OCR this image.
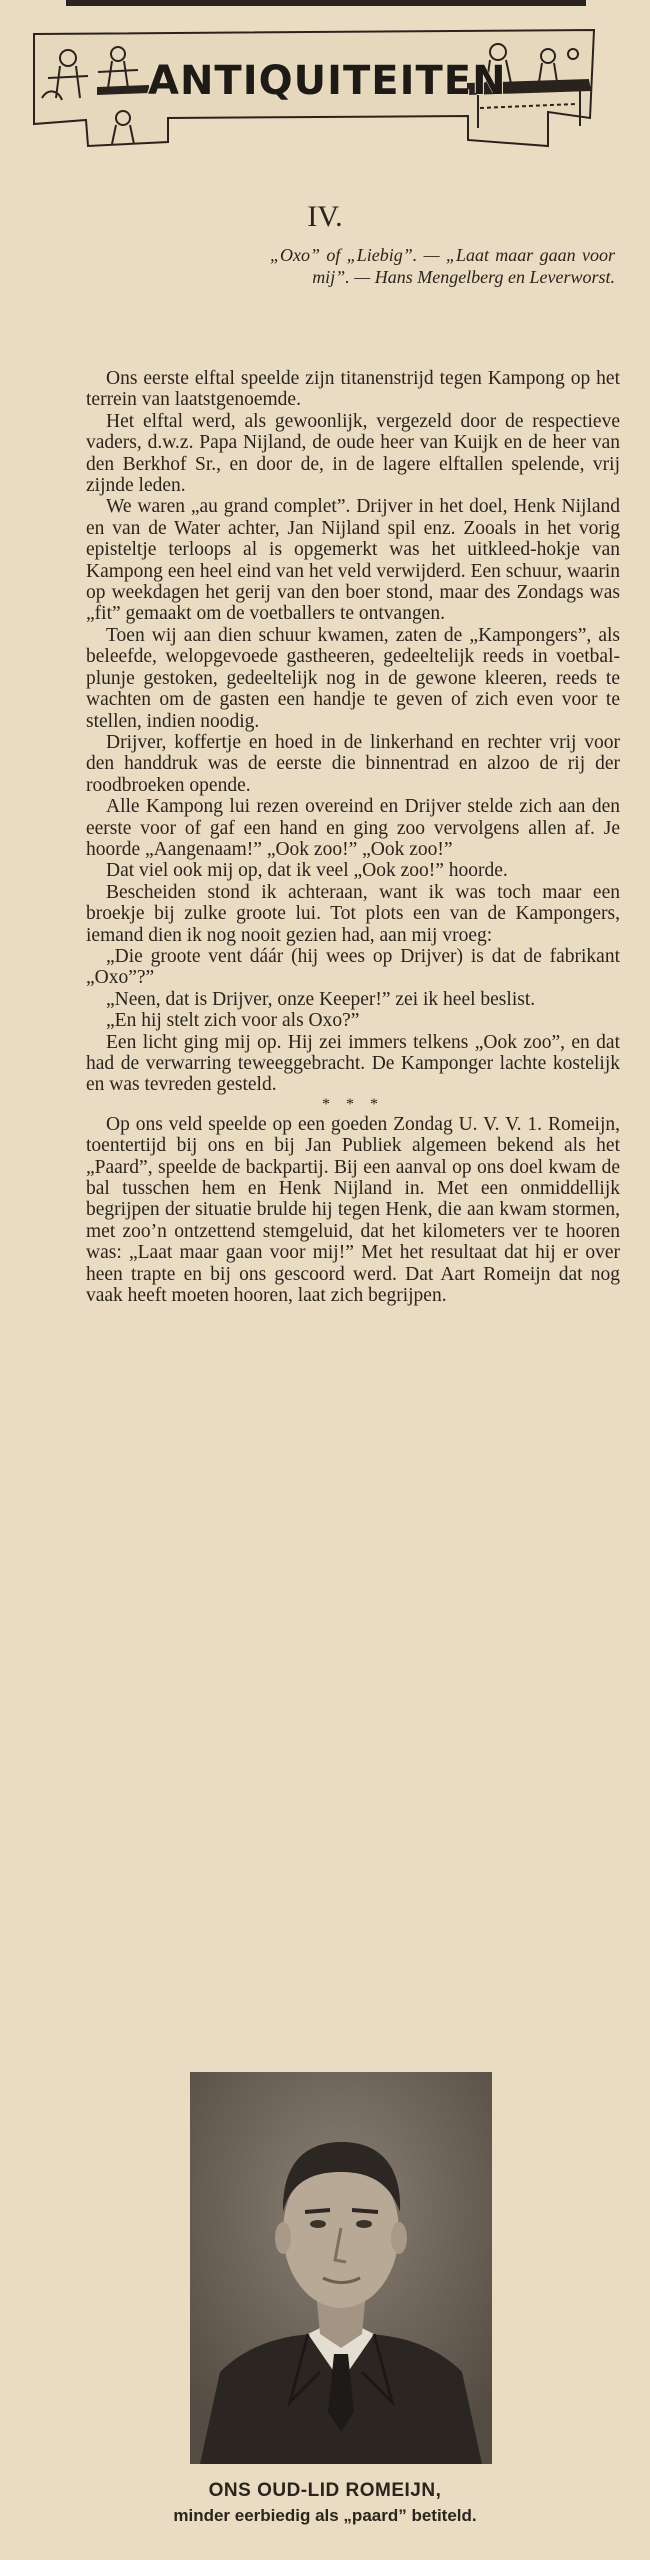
ANTIQUITEITEN
IV.
„Oxo” of „Liebig”. — „Laat maar gaan voor mij”. — Hans Mengelberg en Leverworst.

Ons eerste elftal speelde zijn titanenstrijd tegen Kampong op het terrein van laatstgenoemde.

Het elftal werd, als gewoonlijk, vergezeld door de respectieve vaders, d.w.z. Papa Nijland, de oude heer van Kuijk en de heer van den Berkhof Sr., en door de, in de lagere elftallen spelende, vrij zijnde leden.

We waren „au grand complet”. Drijver in het doel, Henk Nijland en van de Water achter, Jan Nijland spil enz. Zooals in het vorig episteltje terloops al is opgemerkt was het uitkleed-hokje van Kampong een heel eind van het veld verwijderd. Een schuur, waarin op weekdagen het gerij van den boer stond, maar des Zondags was „fit” gemaakt om de voetballers te ontvangen.

Toen wij aan dien schuur kwamen, zaten de „Kampongers”, als beleefde, welopgevoede gastheeren, gedeeltelijk reeds in voetbal-plunje gestoken, gedeeltelijk nog in de gewone kleeren, reeds te wachten om de gasten een handje te geven of zich even voor te stellen, indien noodig.

Drijver, koffertje en hoed in de linkerhand en rechter vrij voor den handdruk was de eerste die binnentrad en alzoo de rij der roodbroeken opende.

Alle Kampong lui rezen overeind en Drijver stelde zich aan den eerste voor of gaf een hand en ging zoo vervolgens allen af. Je hoorde „Aangenaam!” „Ook zoo!” „Ook zoo!”

Dat viel ook mij op, dat ik veel „Ook zoo!” hoorde.

Bescheiden stond ik achteraan, want ik was toch maar een broekje bij zulke groote lui. Tot plots een van de Kampongers, iemand dien ik nog nooit gezien had, aan mij vroeg:

„Die groote vent dáár (hij wees op Drijver) is dat de fabrikant „Oxo”?”

„Neen, dat is Drijver, onze Keeper!” zei ik heel beslist.

„En hij stelt zich voor als Oxo?”

Een licht ging mij op. Hij zei immers telkens „Ook zoo”, en dat had de verwarring teweeggebracht. De Kamponger lachte kostelijk en was tevreden gesteld.

* * *

Op ons veld speelde op een goeden Zondag U. V. V. 1. Romeijn, toentertijd bij ons en bij Jan Publiek algemeen bekend als het „Paard”, speelde de backpartij. Bij een aanval op ons doel kwam de bal tusschen hem en Henk Nijland in. Met een onmiddellijk begrijpen der situatie brulde hij tegen Henk, die aan kwam stormen, met zoo’n ontzettend stemgeluid, dat het kilometers ver te hooren was: „Laat maar gaan voor mij!” Met het resultaat dat hij er over heen trapte en bij ons gescoord werd. Dat Aart Romeijn dat nog vaak heeft moeten hooren, laat zich begrijpen.

ONS OUD-LID ROMEIJN,
minder eerbiedig als „paard” betiteld.
